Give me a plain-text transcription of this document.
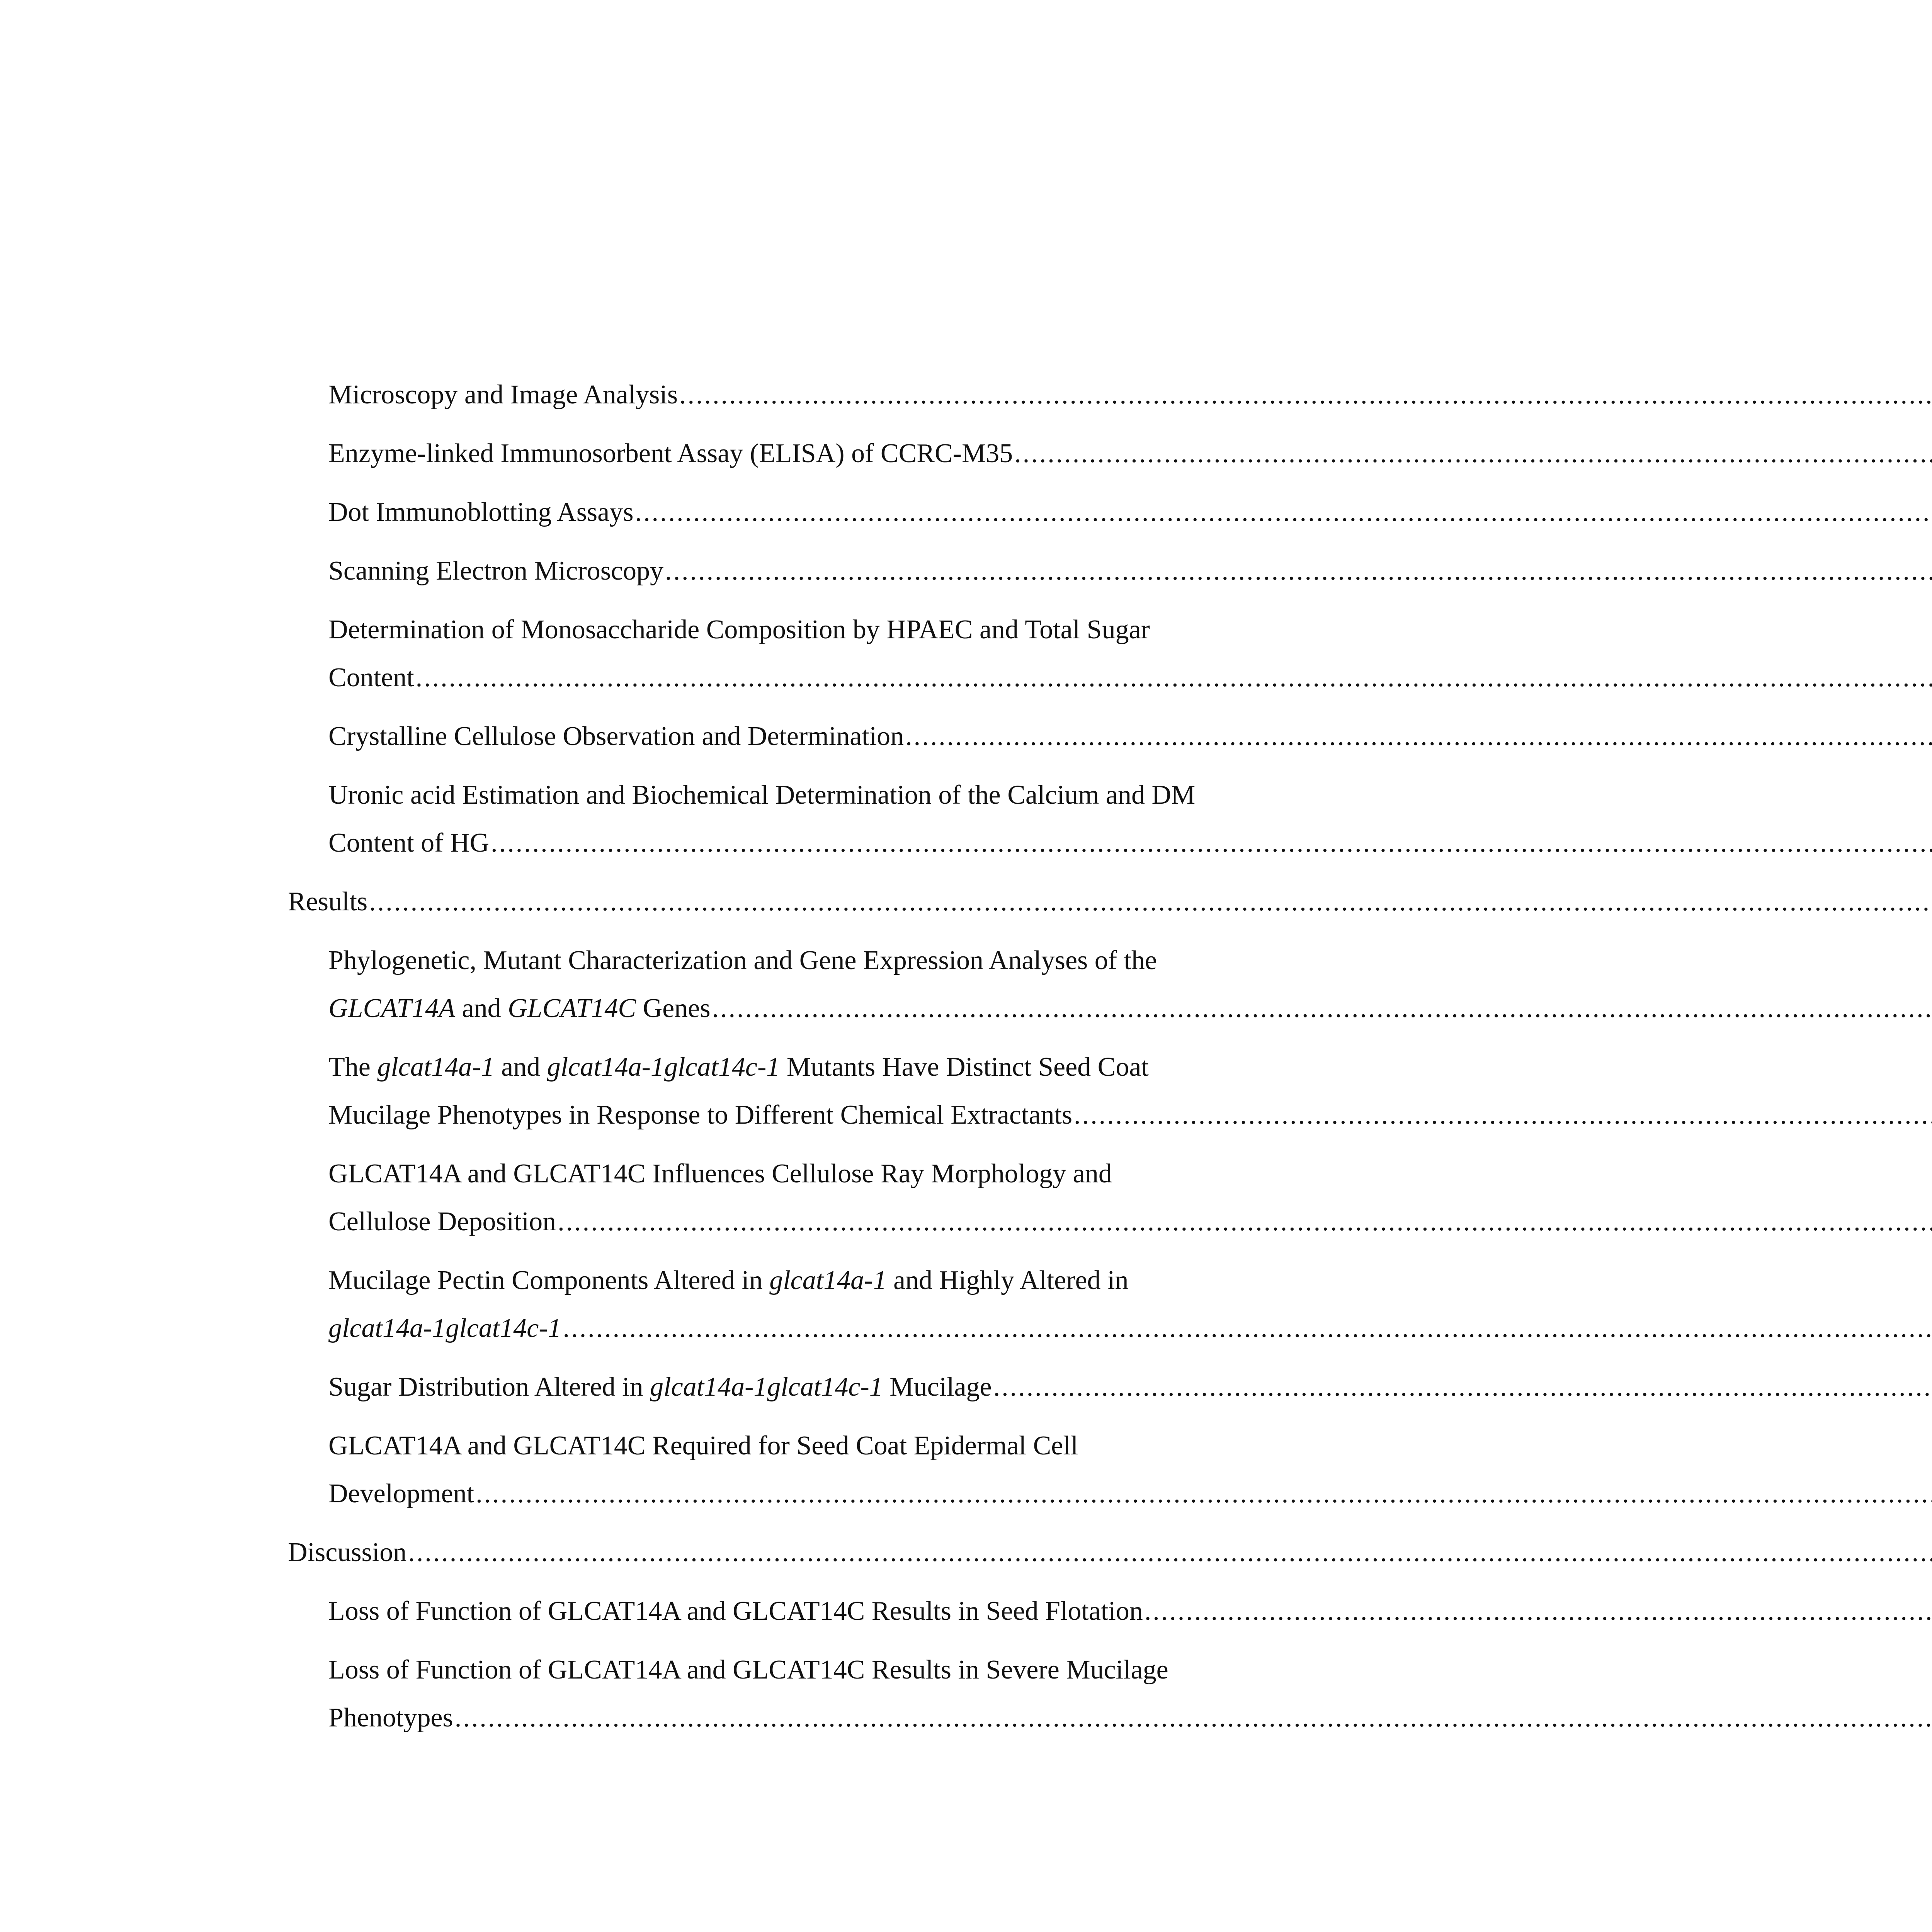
Microscopy and Image Analysis
.....
Enzyme-linked Immunosorbent Assay (ELISA) of CCRC-M35
.....
Dot Immunoblotting Assays
.....
Scanning Electron Microscopy
.....
Determination of Monosaccharide Composition by HPAEC and Total Sugar
Content
.....
Crystalline Cellulose Observation and Determination
.....
Uronic acid Estimation and Biochemical Determination of the Calcium and DM
Content of HG
.....
Results
.....
Phylogenetic, Mutant Characterization and Gene Expression Analyses of the
GLCAT14A and GLCAT14C Genes
.....
The glcat14a-1 and glcat14a-1glcat14c-1 Mutants Have Distinct Seed Coat
Mucilage Phenotypes in Response to Different Chemical Extractants
.....
GLCAT14A and GLCAT14C Influences Cellulose Ray Morphology and
Cellulose Deposition
.....
Mucilage Pectin Components Altered in glcat14a-1 and Highly Altered in
glcat14a-1glcat14c-1
.....
Sugar Distribution Altered in glcat14a-1glcat14c-1 Mucilage
.....
GLCAT14A and GLCAT14C Required for Seed Coat Epidermal Cell
Development
.....
Discussion
.....
Loss of Function of GLCAT14A and GLCAT14C Results in Seed Flotation
.....
Loss of Function of GLCAT14A and GLCAT14C Results in Severe Mucilage
Phenotypes
.....
